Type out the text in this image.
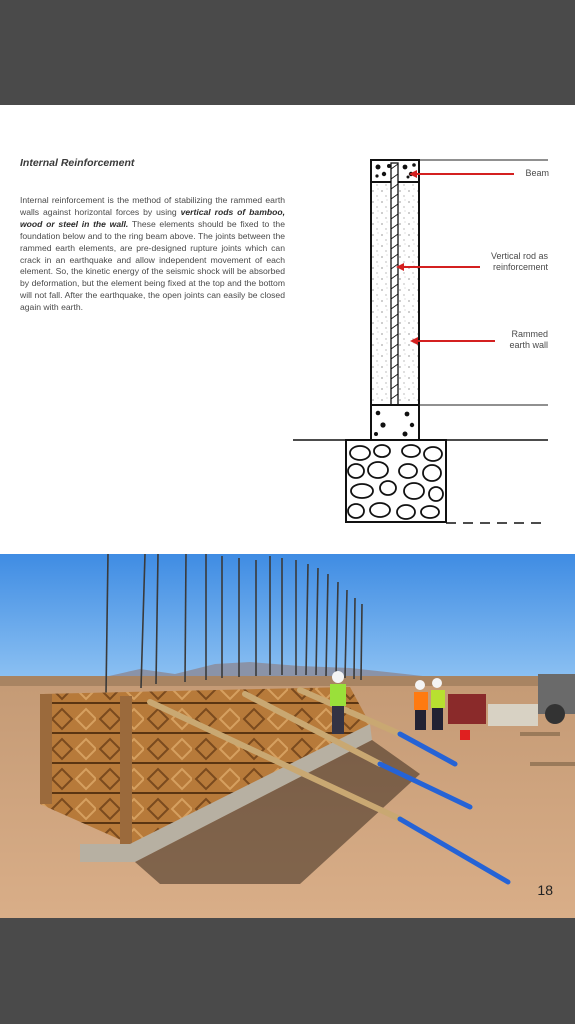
Internal Reinforcement
Internal reinforcement is the method of stabilizing the rammed earth walls against horizontal forces by using vertical rods of bamboo, wood or steel in the wall. These elements should be fixed to the foundation below and to the ring beam above. The joints between the rammed earth elements, are pre-designed rupture joints which can crack in an earthquake and allow independent movement of each element. So, the kinetic energy of the seismic shock will be absorbed by deformation, but the element being fixed at the top and the bottom will not fall. After the earthquake, the open joints can easily be closed again with earth.
Beam
Vertical rod as
reinforcement
Rammed
earth wall
18
